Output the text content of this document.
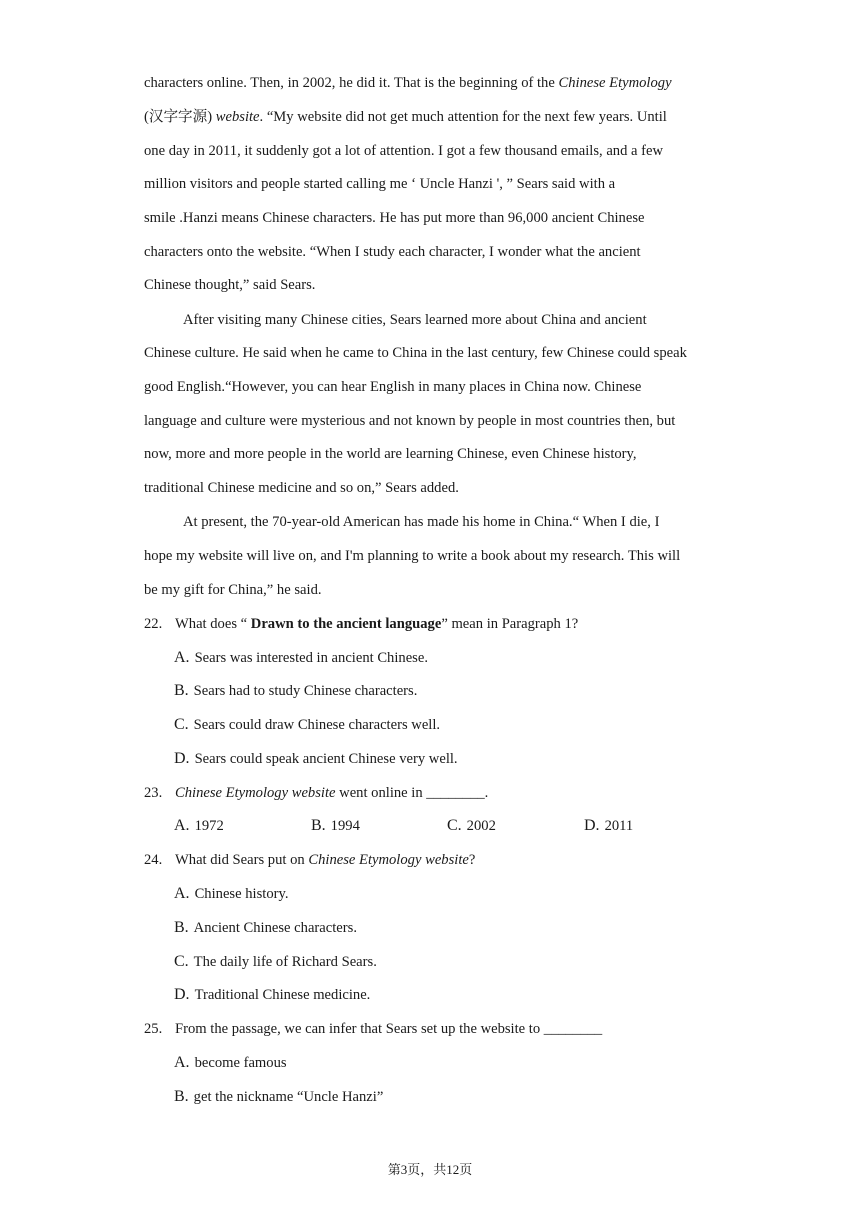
characters online. Then, in 2002, he did it. That is the beginning of the Chinese Etymology
(汉字字源) website. “My website did not get much attention for the next few years. Until
one day in 2011, it suddenly got a lot of attention. I got a few thousand emails, and a few
million visitors and people started calling me ‘ Uncle Hanzi ', ” Sears said with a
smile .Hanzi means Chinese characters. He has put more than 96,000 ancient Chinese
characters onto the website. “When I study each character, I wonder what the ancient
Chinese thought,” said Sears.
After visiting many Chinese cities, Sears learned more about China and ancient
Chinese culture. He said when he came to China in the last century, few Chinese could speak
good English.“However, you can hear English in many places in China now. Chinese
language and culture were mysterious and not known by people in most countries then, but
now, more and more people in the world are learning Chinese, even Chinese history,
traditional Chinese medicine and so on,” Sears added.
At present, the 70-year-old American has made his home in China.“ When I die, I
hope my website will live on, and I'm planning to write a book about my research. This will
be my gift for China,” he said.
22. What does “ Drawn to the ancient language” mean in Paragraph 1?
A. Sears was interested in ancient Chinese.
B. Sears had to study Chinese characters.
C. Sears could draw Chinese characters well.
D. Sears could speak ancient Chinese very well.
23. Chinese Etymology website went online in ________.
A. 1972	B. 1994	C. 2002	D. 2011
24. What did Sears put on Chinese Etymology website?
A. Chinese history.
B. Ancient Chinese characters.
C. The daily life of Richard Sears.
D. Traditional Chinese medicine.
25. From the passage, we can infer that Sears set up the website to ________
A. become famous
B. get the nickname “Uncle Hanzi”
第3页，共12页
